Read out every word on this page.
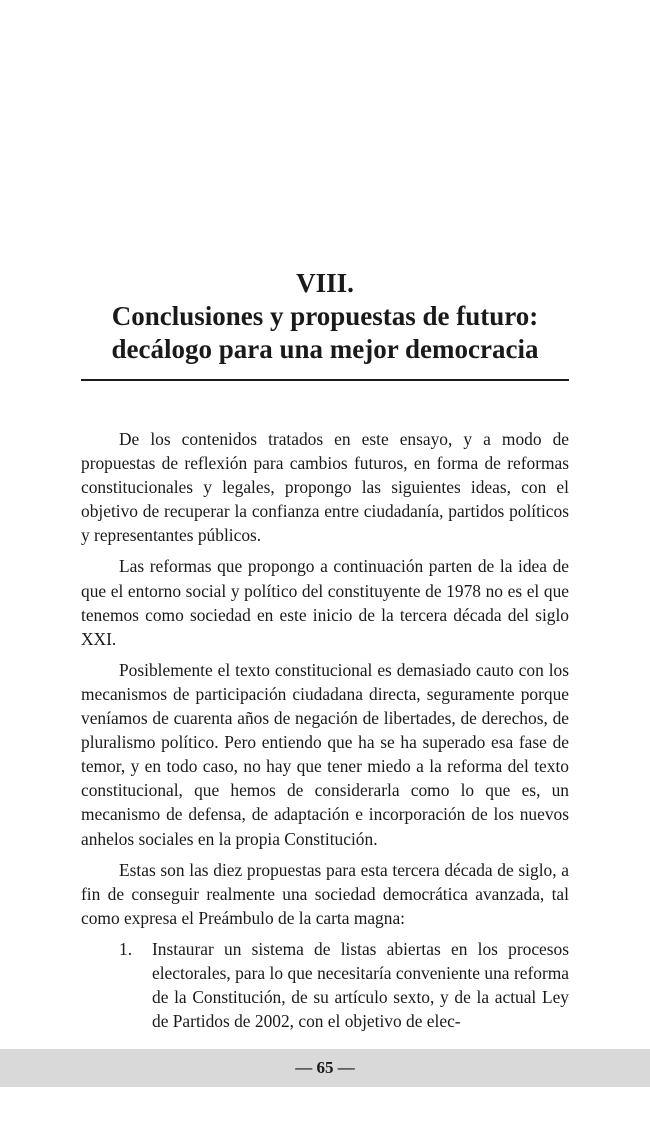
VIII.
Conclusiones y propuestas de futuro:
decálogo para una mejor democracia

De los contenidos tratados en este ensayo, y a modo de propuestas de reflexión para cambios futuros, en forma de reformas constitucionales y legales, propongo las siguientes ideas, con el objetivo de recuperar la confianza entre ciudadanía, partidos políticos y representantes públicos.

Las reformas que propongo a continuación parten de la idea de que el entorno social y político del constituyente de 1978 no es el que tenemos como sociedad en este inicio de la tercera década del siglo XXI.

Posiblemente el texto constitucional es demasiado cauto con los mecanismos de participación ciudadana directa, seguramente porque veníamos de cuarenta años de negación de libertades, de derechos, de pluralismo político. Pero entiendo que ha se ha superado esa fase de temor, y en todo caso, no hay que tener miedo a la reforma del texto constitucional, que hemos de considerarla como lo que es, un mecanismo de defensa, de adaptación e incorporación de los nuevos anhelos sociales en la propia Constitución.

Estas son las diez propuestas para esta tercera década de siglo, a fin de conseguir realmente una sociedad democrática avanzada, tal como expresa el Preámbulo de la carta magna:

1. Instaurar un sistema de listas abiertas en los procesos electorales, para lo que necesitaría conveniente una reforma de la Constitución, de su artículo sexto, y de la actual Ley de Partidos de 2002, con el objetivo de elec-
— 65 —
